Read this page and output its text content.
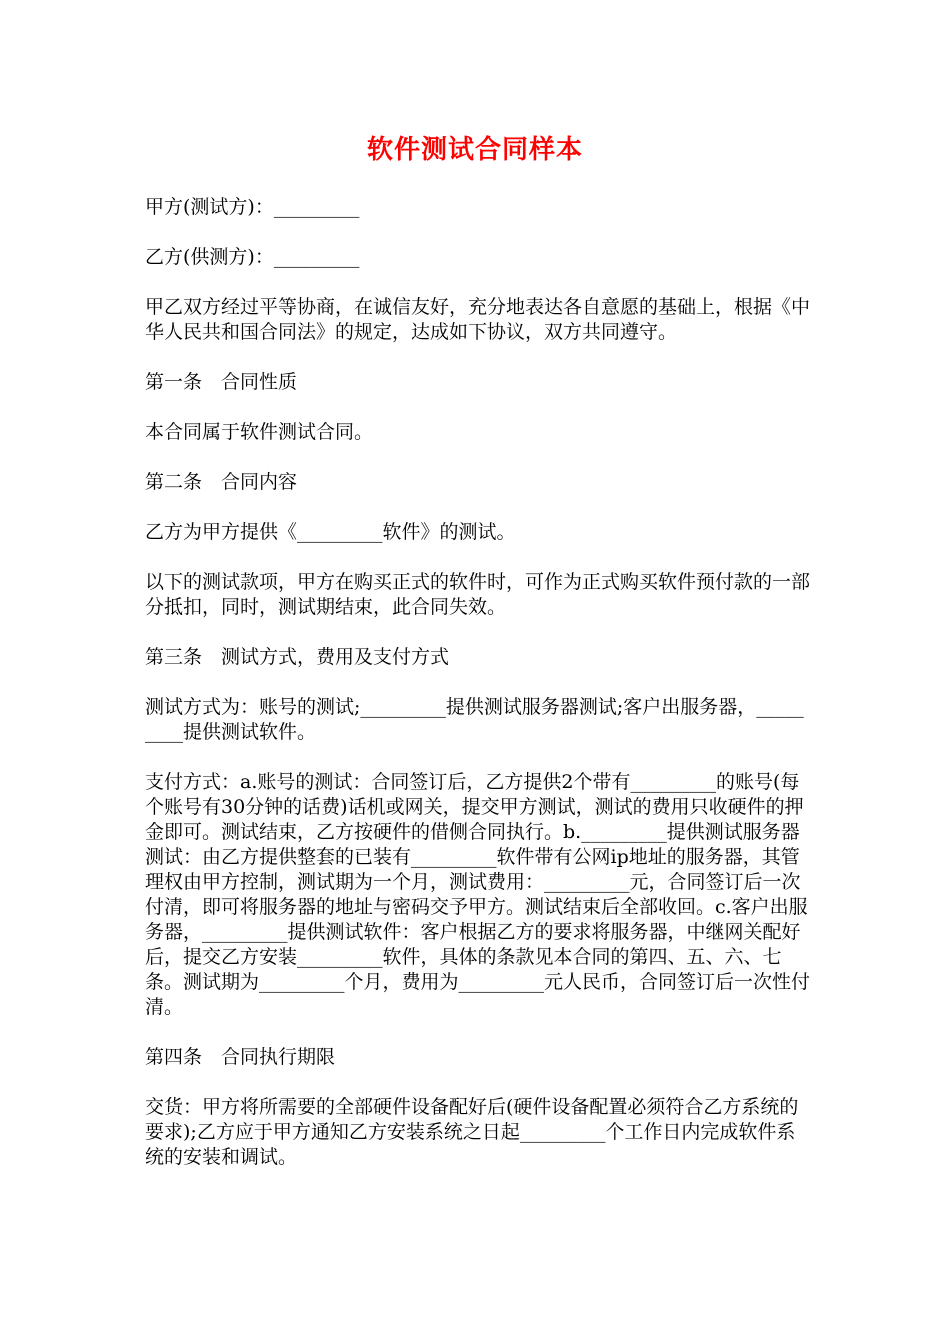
软件测试合同样本

甲方(测试方)：_________

乙方(供测方)：_________

甲乙双方经过平等协商，在诚信友好，充分地表达各自意愿的基础上，根据《中华人民共和国合同法》的规定，达成如下协议，双方共同遵守。

第一条　合同性质

本合同属于软件测试合同。

第二条　合同内容

乙方为甲方提供《_________软件》的测试。

以下的测试款项，甲方在购买正式的软件时，可作为正式购买软件预付款的一部分抵扣，同时，测试期结束，此合同失效。

第三条　测试方式，费用及支付方式

测试方式为：账号的测试;_________提供测试服务器测试;客户出服务器，_________提供测试软件。

支付方式：a.账号的测试：合同签订后，乙方提供2个带有_________的账号(每个账号有30分钟的话费)话机或网关，提交甲方测试，测试的费用只收硬件的押金即可。测试结束，乙方按硬件的借侧合同执行。b._________提供测试服务器测试：由乙方提供整套的已装有_________软件带有公网ip地址的服务器，其管理权由甲方控制，测试期为一个月，测试费用：_________元，合同签订后一次付清，即可将服务器的地址与密码交予甲方。测试结束后全部收回。c.客户出服务器，_________提供测试软件：客户根据乙方的要求将服务器，中继网关配好后，提交乙方安装_________软件，具体的条款见本合同的第四、五、六、七条。测试期为_________个月，费用为_________元人民币，合同签订后一次性付清。

第四条　合同执行期限

交货：甲方将所需要的全部硬件设备配好后(硬件设备配置必须符合乙方系统的要求);乙方应于甲方通知乙方安装系统之日起_________个工作日内完成软件系统的安装和调试。
